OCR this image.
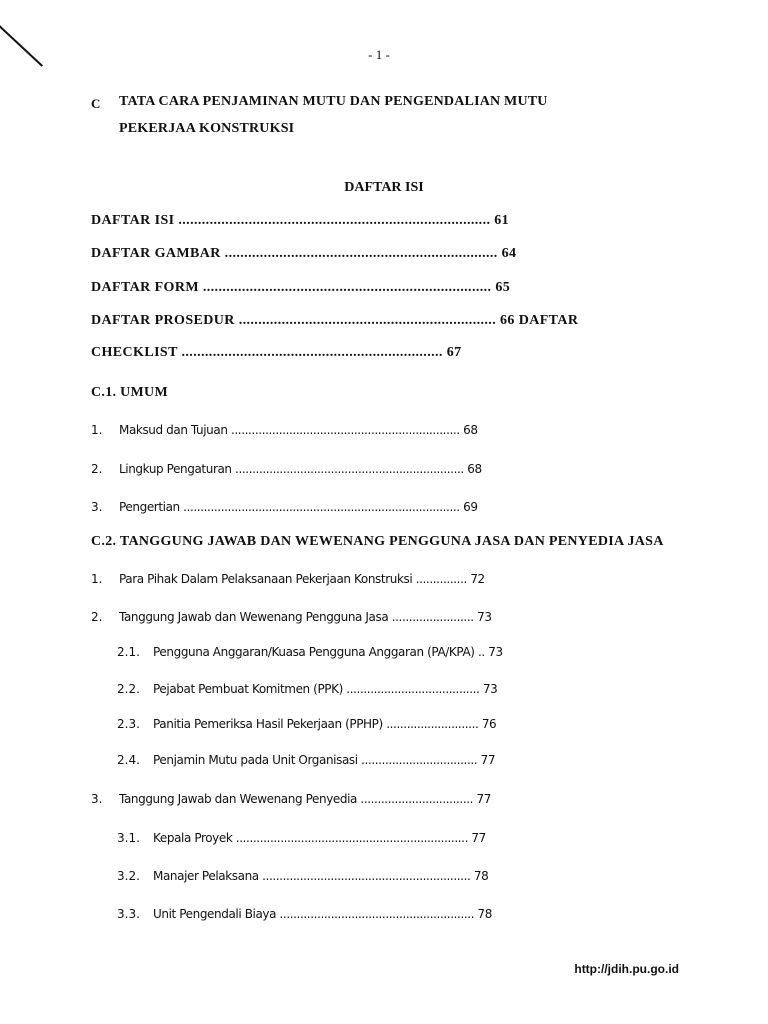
- 1 -
C TATA CARA PENJAMINAN MUTU DAN PENGENDALIAN MUTU
PEKERJAA KONSTRUKSI
DAFTAR ISI
DAFTAR ISI ................................................................................ 61
DAFTAR GAMBAR ...................................................................... 64
DAFTAR FORM .......................................................................... 65
DAFTAR PROSEDUR .................................................................. 66 DAFTAR
CHECKLIST ................................................................... 67
C.1. UMUM
1. Maksud dan Tujuan ................................................................... 68
2. Lingkup Pengaturan ................................................................... 68
3. Pengertian ................................................................................. 69
C.2. TANGGUNG JAWAB DAN WEWENANG PENGGUNA JASA DAN PENYEDIA JASA
1. Para Pihak Dalam Pelaksanaan Pekerjaan Konstruksi ............... 72
2. Tanggung Jawab dan Wewenang Pengguna Jasa ........................ 73
2.1. Pengguna Anggaran/Kuasa Pengguna Anggaran (PA/KPA) .. 73
2.2. Pejabat Pembuat Komitmen (PPK) ....................................... 73
2.3. Panitia Pemeriksa Hasil Pekerjaan (PPHP) ........................... 76
2.4. Penjamin Mutu pada Unit Organisasi .................................. 77
3. Tanggung Jawab dan Wewenang Penyedia ................................. 77
3.1. Kepala Proyek .................................................................... 77
3.2. Manajer Pelaksana ............................................................. 78
3.3. Unit Pengendali Biaya ......................................................... 78
http://jdih.pu.go.id
